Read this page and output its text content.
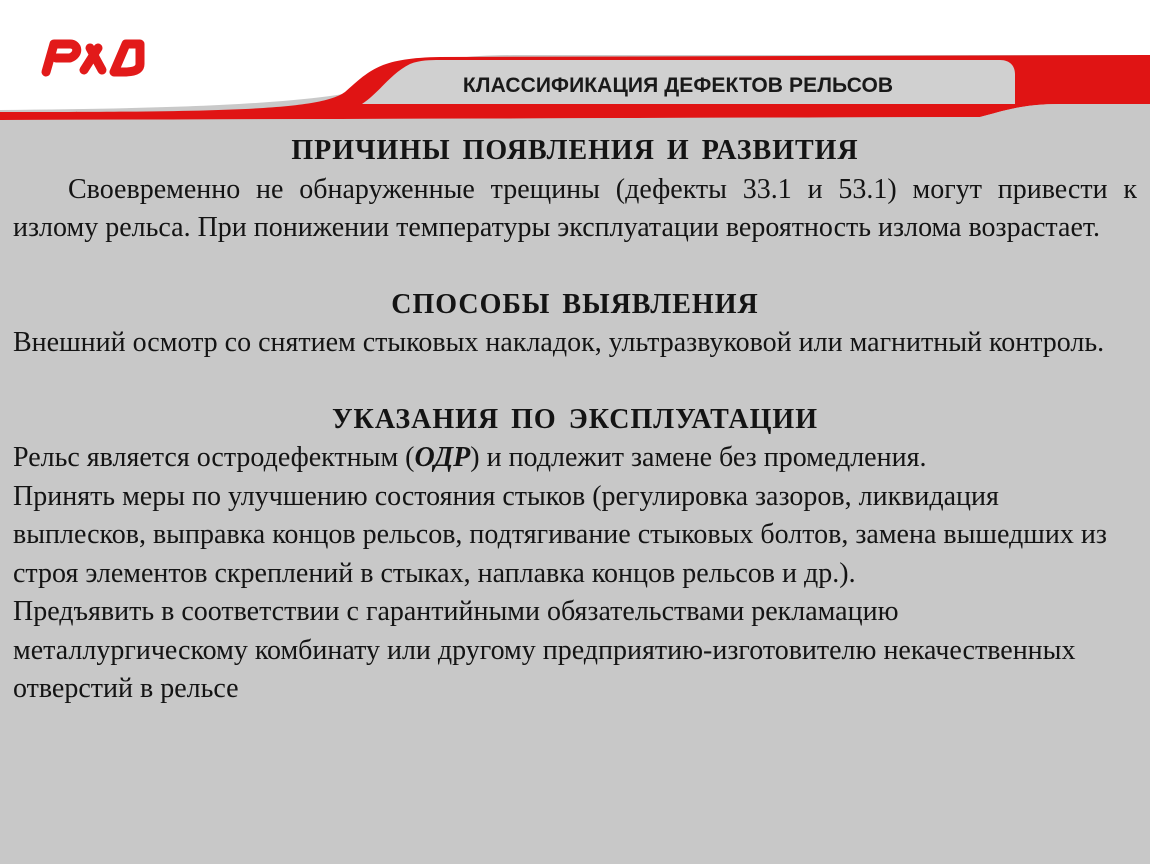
КЛАССИФИКАЦИЯ ДЕФЕКТОВ РЕЛЬСОВ

ПРИЧИНЫ ПОЯВЛЕНИЯ И РАЗВИТИЯ

Своевременно не обнаруженные трещины (дефекты 33.1 и 53.1) могут привести к излому рельса. При понижении температуры эксплуатации вероятность излома возрастает.

СПОСОБЫ ВЫЯВЛЕНИЯ

Внешний осмотр со снятием стыковых накладок, ультразвуковой или магнитный контроль.

УКАЗАНИЯ ПО ЭКСПЛУАТАЦИИ

Рельс является остродефектным (ОДР) и подлежит замене без промедления.

Принять меры по улучшению состояния стыков (регулировка зазоров, ликвидация выплесков, выправка концов рельсов, подтягивание стыковых болтов, замена вышедших из строя элементов скреплений в стыках, наплавка концов рельсов и др.).

Предъявить в соответствии с гарантийными обязательствами рекламацию металлургическому комбинату или другому предприятию-изготовителю некачественных отверстий в рельсе
